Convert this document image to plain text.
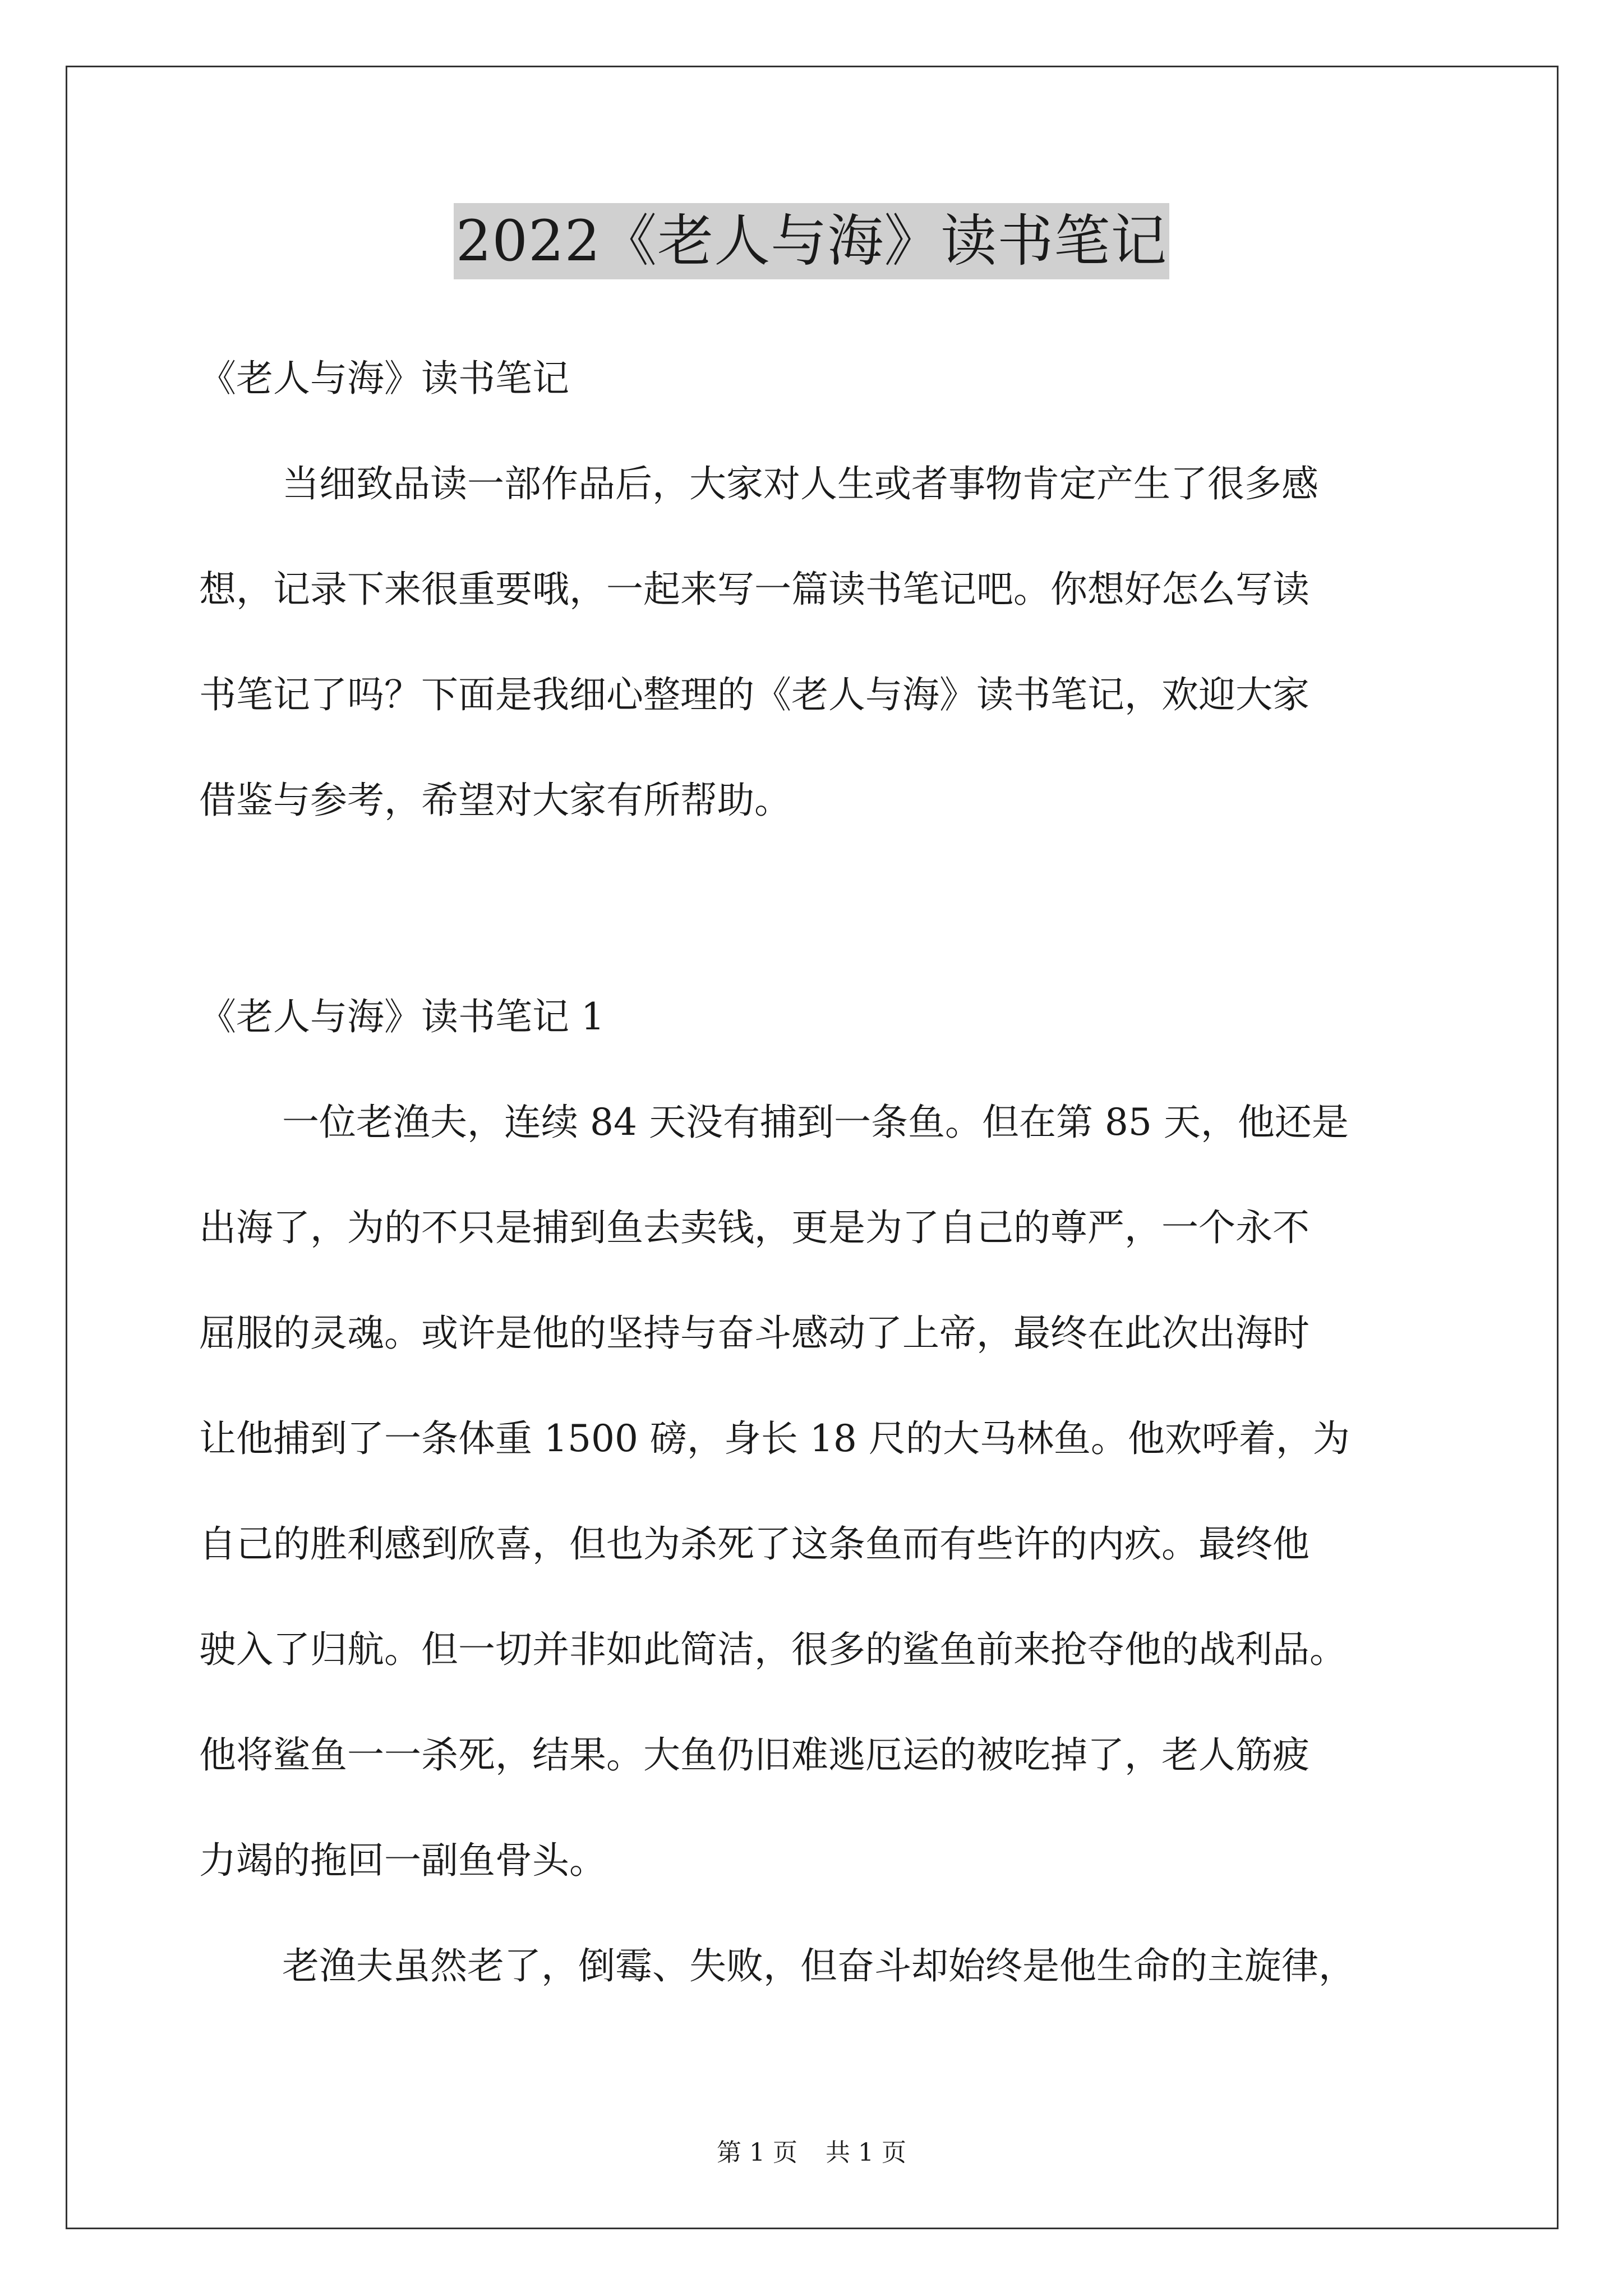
2022《老人与海》读书笔记
《老人与海》读书笔记
当细致品读一部作品后，大家对人生或者事物肯定产生了很多感
想，记录下来很重要哦，一起来写一篇读书笔记吧。你想好怎么写读
书笔记了吗？下面是我细心整理的《老人与海》读书笔记，欢迎大家
借鉴与参考，希望对大家有所帮助。
《老人与海》读书笔记 1
一位老渔夫，连续 84 天没有捕到一条鱼。但在第 85 天，他还是
出海了，为的不只是捕到鱼去卖钱，更是为了自己的尊严，一个永不
屈服的灵魂。或许是他的坚持与奋斗感动了上帝，最终在此次出海时
让他捕到了一条体重 1500 磅，身长 18 尺的大马林鱼。他欢呼着，为
自己的胜利感到欣喜，但也为杀死了这条鱼而有些许的内疚。最终他
驶入了归航。但一切并非如此简洁，很多的鲨鱼前来抢夺他的战利品。
他将鲨鱼一一杀死，结果。大鱼仍旧难逃厄运的被吃掉了，老人筋疲
力竭的拖回一副鱼骨头。
老渔夫虽然老了，倒霉、失败，但奋斗却始终是他生命的主旋律，
第 1 页 共 1 页
